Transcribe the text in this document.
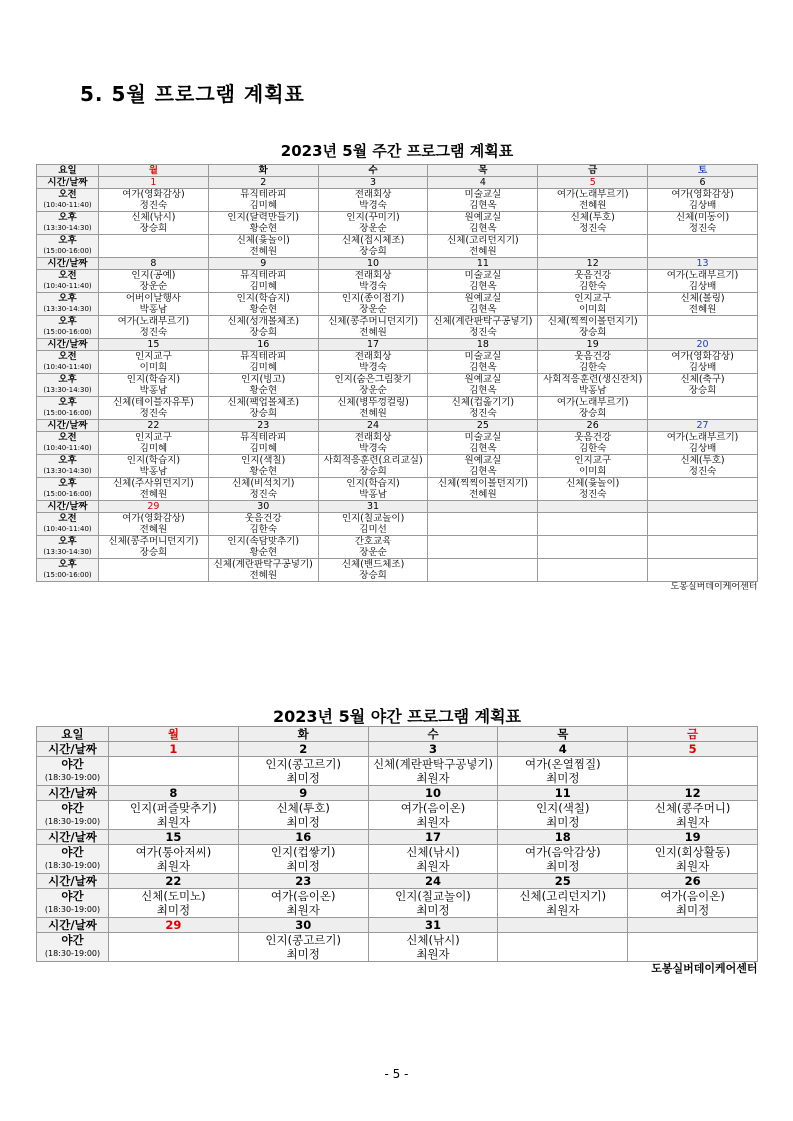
5. 5월 프로그램 계획표
2023년 5월 주간 프로그램 계획표
요일	월	화	수	목	금	토
시간/날짜	1	2	3	4	5	6
오전	여가(영화감상)	뮤직테라피	전래회상	미술교실	여가(노래부르기)	여가(영화감상)
(10:40-11:40)	정진숙	김미혜	박경숙	김현옥	전혜원	김상배
오후	신체(낚시)	인지(달력만들기)	인지(꾸미기)	원예교실	신체(투호)	신체(미동이)
(13:30-14:30)	장승희	황순현	장운순	김현옥	정진숙	정진숙
오후		신체(윷놀이)	신체(접시체조)	신체(고리던지기)		
(15:00-16:00)		전혜원	장승희	전혜원		
시간/날짜	8	9	10	11	12	13
오전	인지(공예)	뮤직테라피	전래회상	미술교실	웃음건강	여가(노래부르기)
(10:40-11:40)	장운순	김미혜	박경숙	김현옥	김한숙	김상배
오후	어버이날행사	인지(학습지)	인지(종이접기)	원예교실	인지교구	신체(볼링)
(13:30-14:30)	박홍남	황순현	장운순	김현옥	이미희	전혜원
오후	여가(노래부르기)	신체(성개볼체조)	신체(콩주머니던지기)	신체(계란판탁구공넣기)	신체(찍찍이볼던지기)	
(15:00-16:00)	정진숙	장승희	전혜원	정진숙	장승희	
시간/날짜	15	16	17	18	19	20
오전	인지교구	뮤직테라피	전래회상	미술교실	웃음건강	여가(영화감상)
(10:40-11:40)	이미희	김미혜	박경숙	김현옥	김한숙	김상배
오후	인지(학습지)	인지(빙고)	인지(숨은그림찾기	원예교실	사회적응훈련(생신잔치)	신체(축구)
(13:30-14:30)	박홍남	황순현	장운순	김현옥	박홍남	장승희
오후	신체(테이블자유투)	신체(팩업볼체조)	신체(병뚜껑컬링)	신체(컵옮기기)	여가(노래부르기)	
(15:00-16:00)	정진숙	장승희	전혜원	정진숙	장승희	
시간/날짜	22	23	24	25	26	27
오전	인지교구	뮤직테라피	전래회상	미술교실	웃음건강	여가(노래부르기)
(10:40-11:40)	김미혜	김미혜	박경숙	김현옥	김한숙	김상배
오후	인지(학습지)	인지(색칠)	사회적응훈련(요리교실)	원예교실	인지교구	신체(투호)
(13:30-14:30)	박홍남	황순현	장승희	김현옥	이미희	정진숙
오후	신체(주사위던지기)	신체(비석치기)	인지(학습지)	신체(찍찍이볼던지기)	신체(윷놀이)	
(15:00-16:00)	전혜원	정진숙	박홍남	전혜원	정진숙	
시간/날짜	29	30	31			
오전	여가(영화감상)	웃음건강	인지(칠교놀이)			
(10:40-11:40)	전혜원	김한숙	김미선			
오후	신체(콩주머니던지기)	인지(속담맞추기)	간호교육			
(13:30-14:30)	장승희	황순현	장운순			
오후		신체(계란판탁구공넣기)	신체(밴드체조)			
(15:00-16:00)		전혜원	장승희			
도봉실버데이케어센터						
2023년 5월 야간 프로그램 계획표
요일	월	화	수	목	금
시간/날짜	1	2	3	4	5
야간		인지(콩고르기)	신체(계란판탁구공넣기)	여가(온열찜질)	
(18:30-19:00)		최미정	최원자	최미정	
시간/날짜	8	9	10	11	12
야간	인지(퍼즐맞추기)	신체(투호)	여가(음이온)	인지(색칠)	신체(콩주머니)
(18:30-19:00)	최원자	최미정	최원자	최미정	최원자
시간/날짜	15	16	17	18	19
야간	여가(통아저씨)	인지(컵쌓기)	신체(낚시)	여가(음악감상)	인지(회상활동)
(18:30-19:00)	최원자	최미정	최원자	최미정	최원자
시간/날짜	22	23	24	25	26
야간	신체(도미노)	여가(음이온)	인지(칠교놀이)	신체(고리던지기)	여가(음이온)
(18:30-19:00)	최미정	최원자	최미정	최원자	최미정
시간/날짜	29	30	31		
야간		인지(콩고르기)	신체(낚시)		
(18:30-19:00)		최미정	최원자		
도봉실버데이케어센터					
- 5 -
